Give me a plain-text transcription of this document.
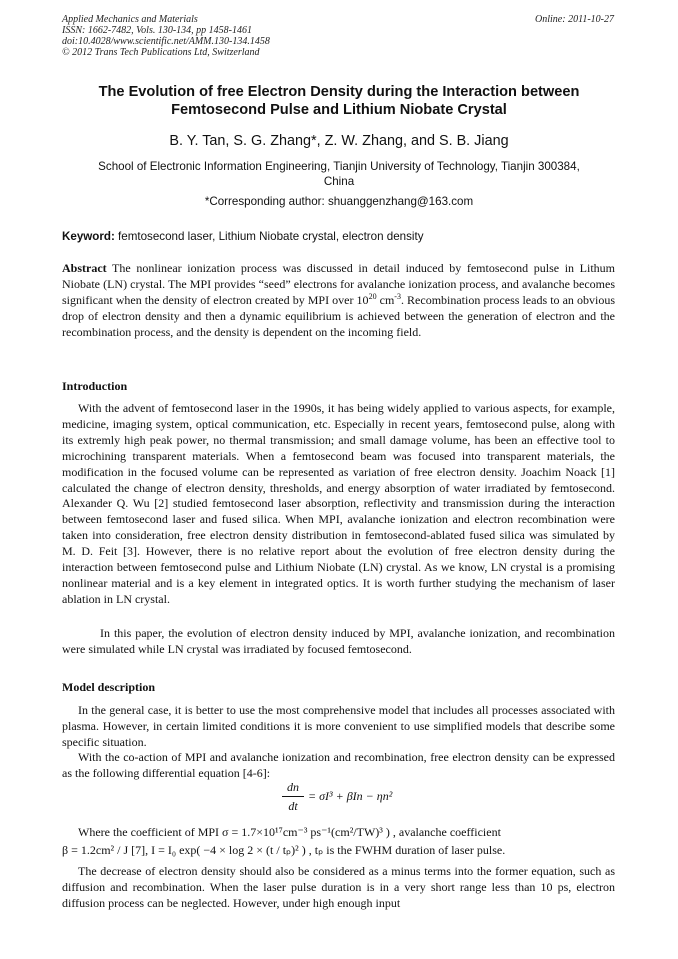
Applied Mechanics and Materials
ISSN: 1662-7482, Vols. 130-134, pp 1458-1461
doi:10.4028/www.scientific.net/AMM.130-134.1458
© 2012 Trans Tech Publications Ltd, Switzerland
Online: 2011-10-27
The Evolution of free Electron Density during the Interaction between
Femtosecond Pulse and Lithium Niobate Crystal
B. Y. Tan, S. G. Zhang*, Z. W. Zhang, and S. B. Jiang
School of Electronic Information Engineering, Tianjin University of Technology, Tianjin 300384,
China
*Corresponding author: shuanggenzhang@163.com
Keyword: femtosecond laser, Lithium Niobate crystal, electron density
Abstract The nonlinear ionization process was discussed in detail induced by femtosecond pulse in Lithum Niobate (LN) crystal. The MPI provides “seed” electrons for avalanche ionization process, and avalanche becomes significant when the density of electron created by MPI over $10^{20}$ $cm^{-3}$. Recombination process leads to an obvious drop of electron density and then a dynamic equilibrium is achieved between the generation of electron and the recombination process, and the density is dependent on the incoming field.
Introduction
With the advent of femtosecond laser in the 1990s, it has being widely applied to various aspects, for example, medicine, imaging system, optical communication, etc. Especially in recent years, femtosecond pulse, along with its extremly high peak power, no thermal transmission; and small damage volume, has been an effective tool to microchining transparent materials. When a femtosecond beam was focused into transparent materials, the modification in the focused volume can be represented as variation of free electron density. Joachim Noack [1] calculated the change of electron density, thresholds, and energy absorption of water irradiated by femtosecond. Alexander Q. Wu [2] studied femtosecond laser absorption, reflectivity and transmission during the interaction between femtosecond laser and fused silica. When MPI, avalanche ionization and electron recombination were taken into consideration, free electron density distribution in femtosecond-ablated fused silica was simulated by M. D. Feit [3]. However, there is no relative report about the evolution of free electron density during the interaction between femtosecond pulse and Lithium Niobate (LN) crystal. As we know, LN crystal is a promising nonlinear material and is a key element in integrated optics. It is worth further studying the mechanism of laser ablation in LN crystal.
In this paper, the evolution of electron density induced by MPI, avalanche ionization, and recombination were simulated while LN crystal was irradiated by focused femtosecond.
Model description
In the general case, it is better to use the most comprehensive model that includes all processes associated with plasma. However, in certain limited conditions it is more convenient to use simplified models that describe some specific situation.
With the co-action of MPI and avalanche ionization and recombination, free electron density can be expressed as the following differential equation [4-6]:
dn
dt
= σI³ + βIn − ηn²
Where the coefficient of MPI σ = 1.7×10¹⁷cm⁻³ ps⁻¹(cm²/TW)³ ) , avalanche coefficient
β = 1.2cm² / J [7], I = I₀ exp( −4 × log 2 × (t / tₚ)² ) , tₚ is the FWHM duration of laser pulse.
The decrease of electron density should also be considered as a minus terms into the former equation, such as diffusion and recombination. When the laser pulse duration is in a very short range less than 10 ps, electron diffusion process can be neglected. However, under high enough input
